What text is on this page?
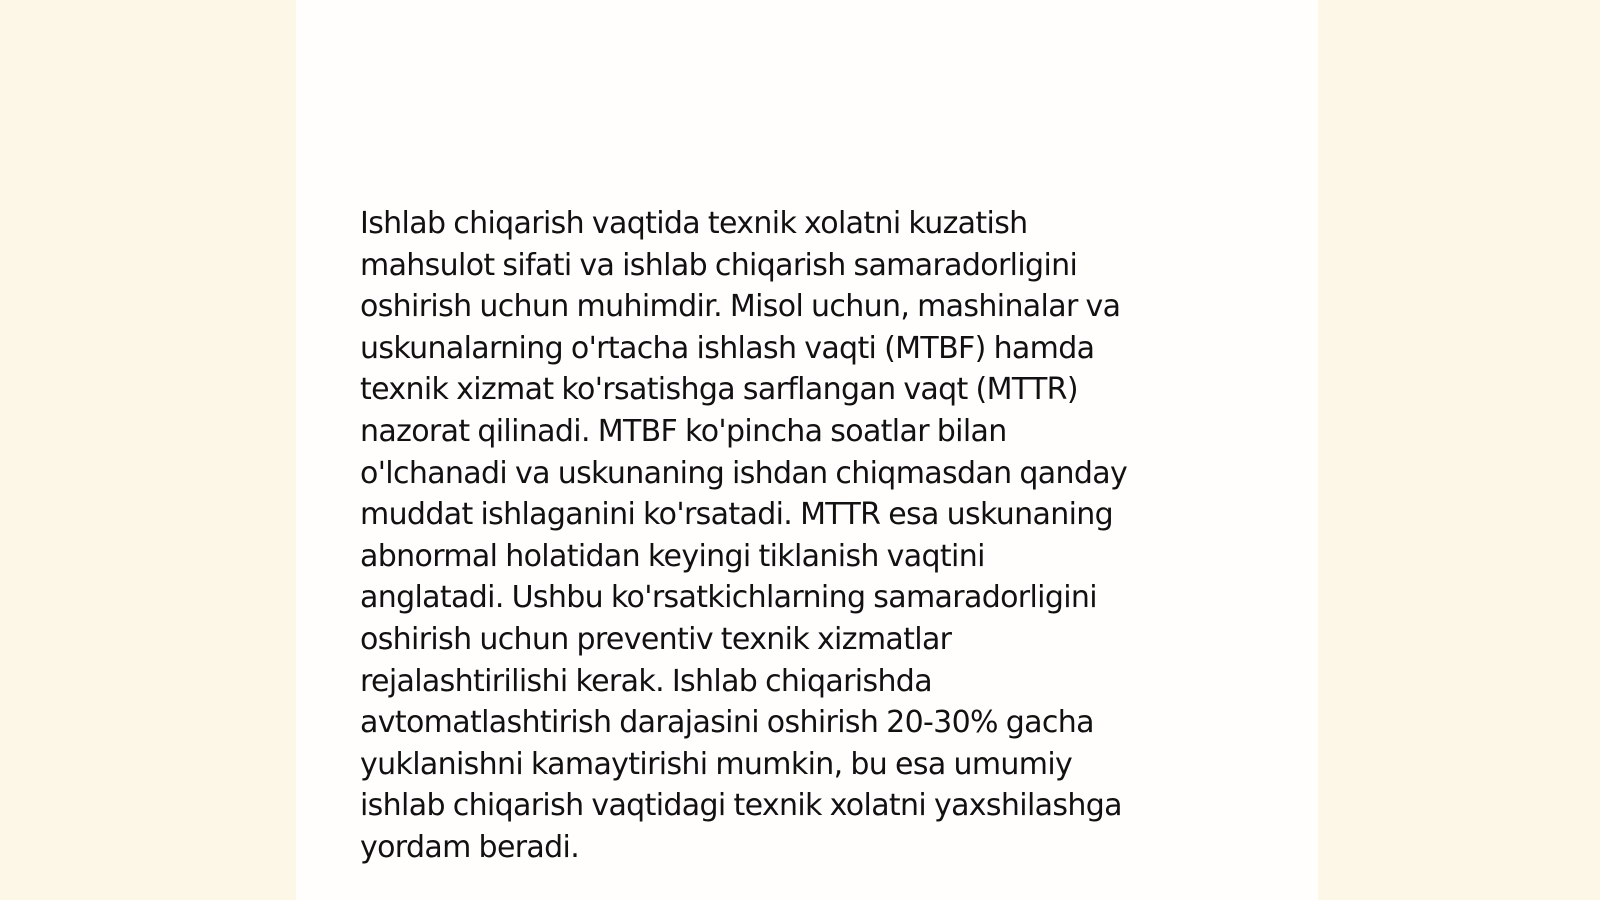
Ishlab chiqarish vaqtida texnik xolatni kuzatish
mahsulot sifati va ishlab chiqarish samaradorligini
oshirish uchun muhimdir. Misol uchun, mashinalar va
uskunalarning o'rtacha ishlash vaqti (MTBF) hamda
texnik xizmat ko'rsatishga sarflangan vaqt (MTTR)
nazorat qilinadi. MTBF ko'pincha soatlar bilan
o'lchanadi va uskunaning ishdan chiqmasdan qanday
muddat ishlaganini ko'rsatadi. MTTR esa uskunaning
abnormal holatidan keyingi tiklanish vaqtini
anglatadi. Ushbu ko'rsatkichlarning samaradorligini
oshirish uchun preventiv texnik xizmatlar
rejalashtirilishi kerak. Ishlab chiqarishda
avtomatlashtirish darajasini oshirish 20-30% gacha
yuklanishni kamaytirishi mumkin, bu esa umumiy
ishlab chiqarish vaqtidagi texnik xolatni yaxshilashga
yordam beradi.
